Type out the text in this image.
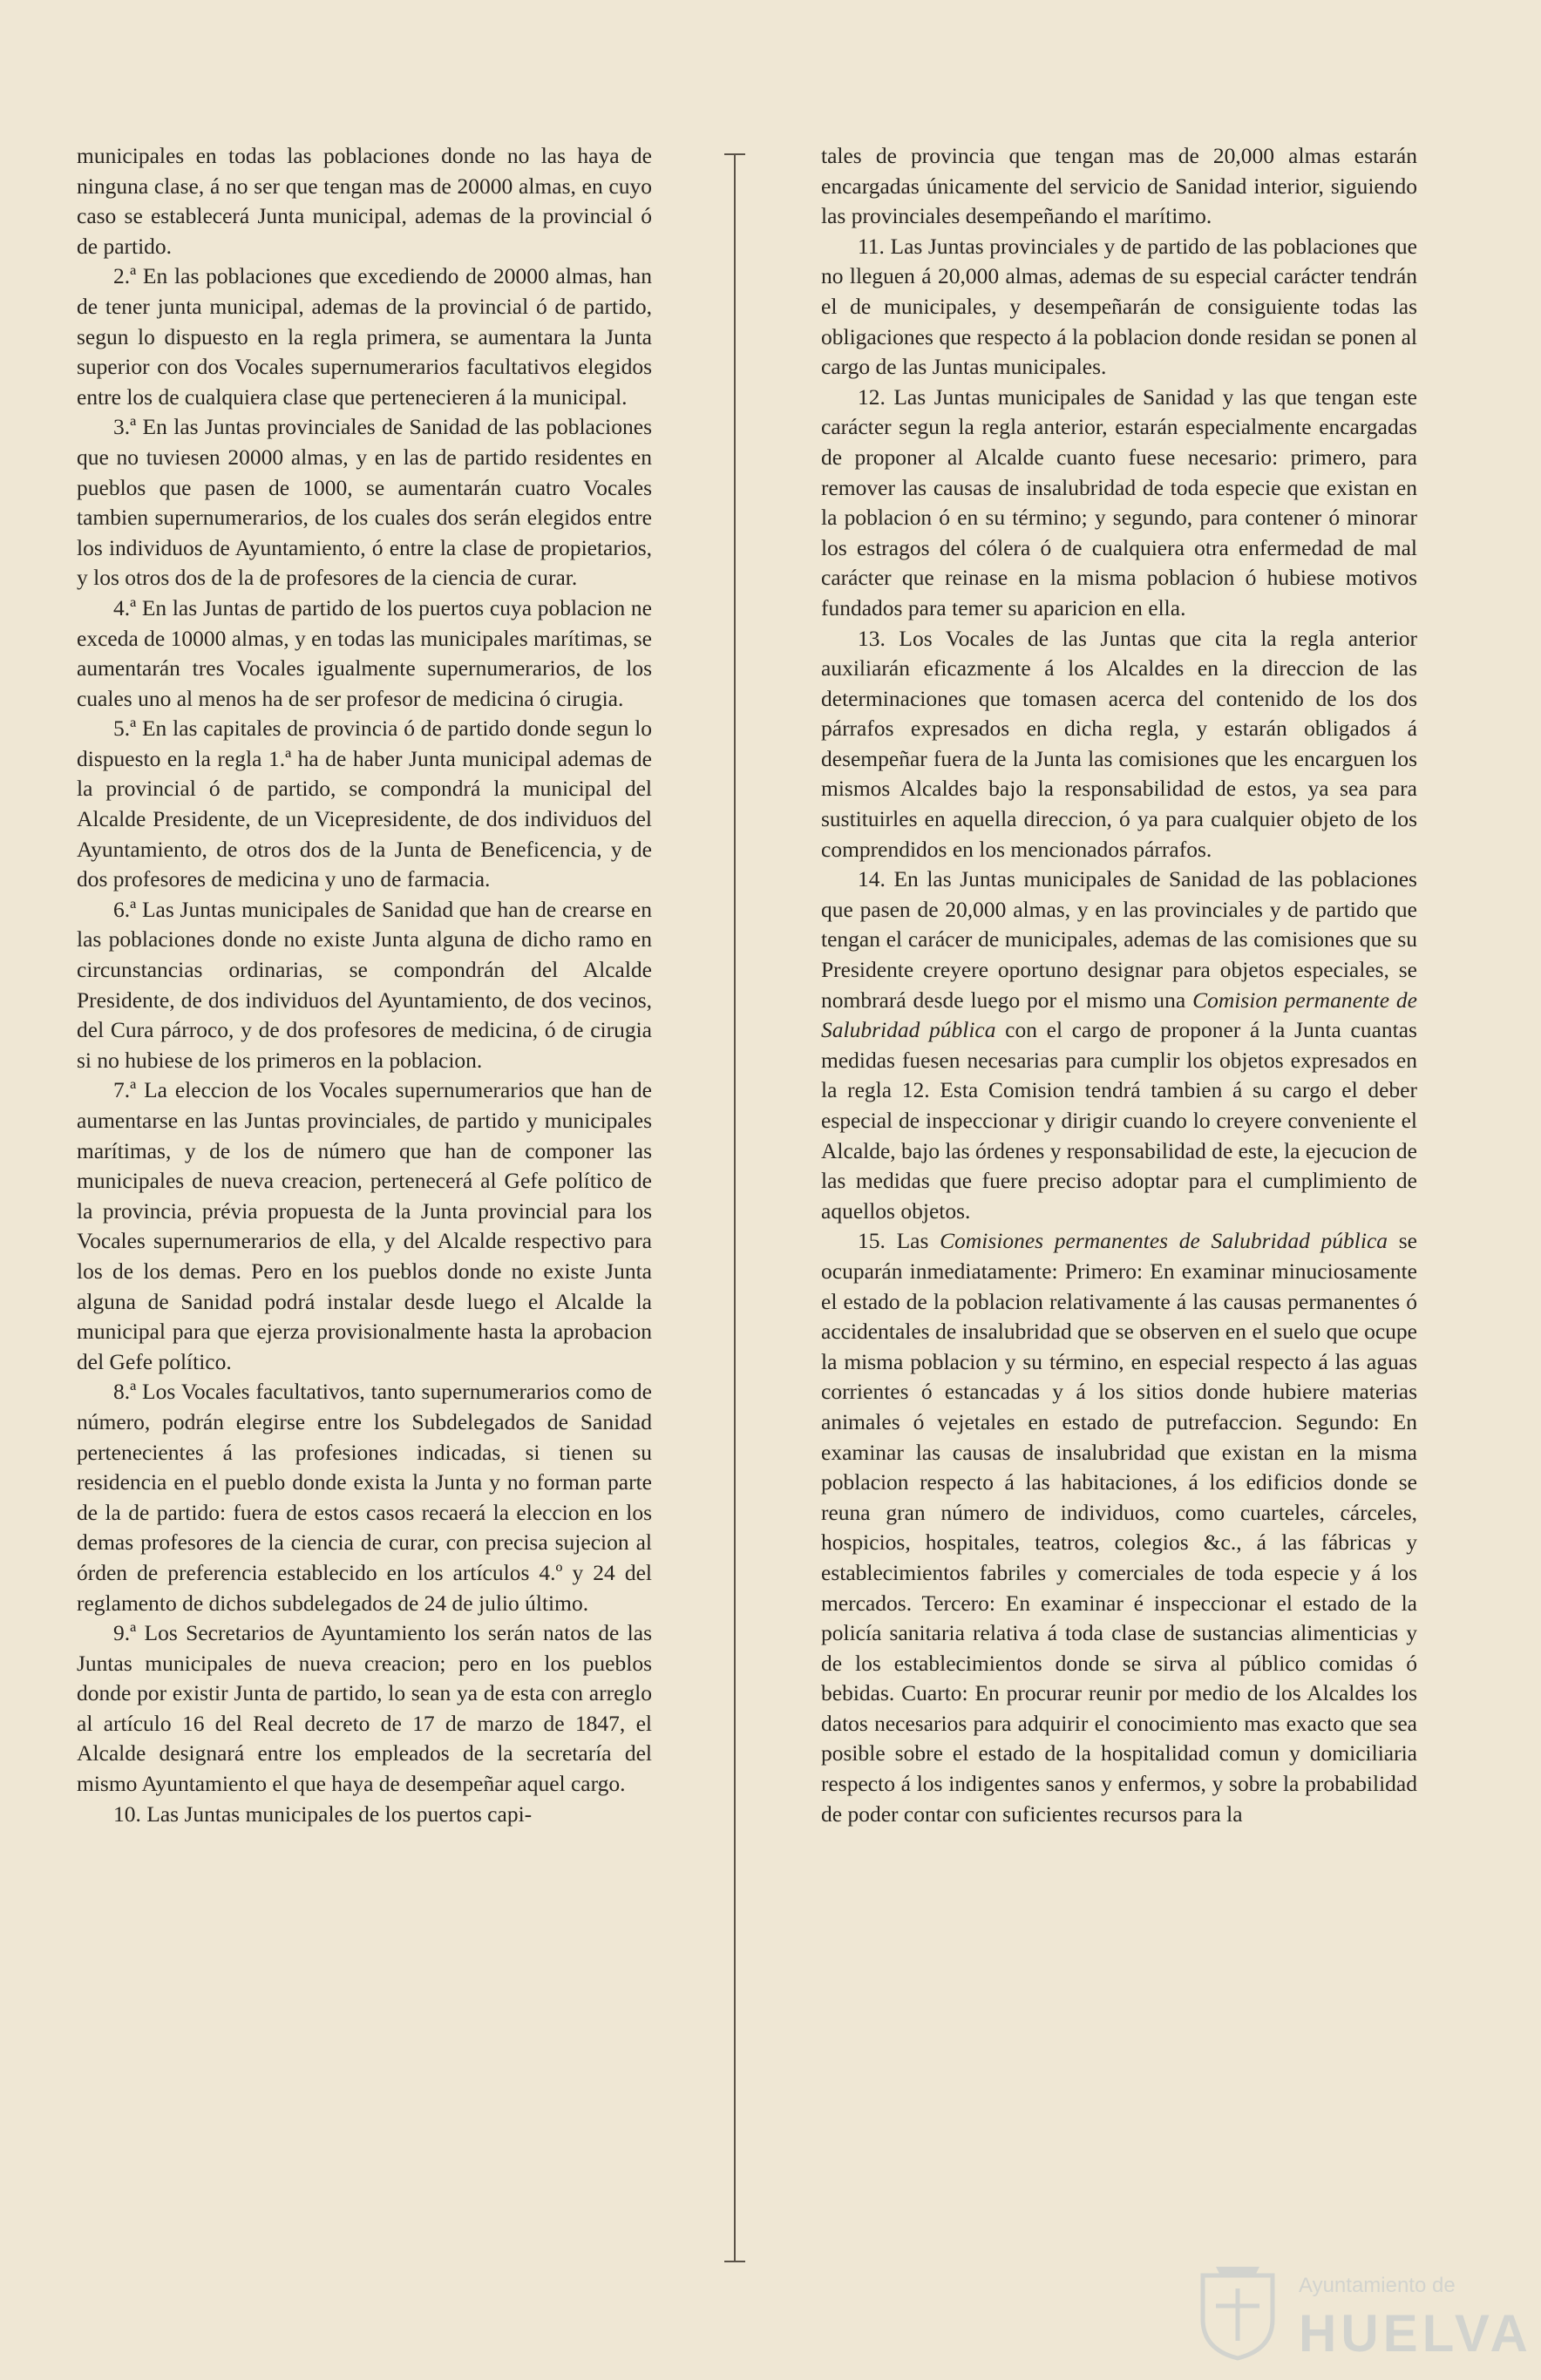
municipales en todas las poblaciones donde no las haya de ninguna clase, á no ser que tengan mas de 20000 almas, en cuyo caso se establecerá Junta municipal, ademas de la provincial ó de partido.

2.ª En las poblaciones que excediendo de 20000 almas, han de tener junta municipal, ademas de la provincial ó de partido, segun lo dispuesto en la regla primera, se aumentara la Junta superior con dos Vocales supernumerarios facultativos elegidos entre los de cualquiera clase que pertenecieren á la municipal.

3.ª En las Juntas provinciales de Sanidad de las poblaciones que no tuviesen 20000 almas, y en las de partido residentes en pueblos que pasen de 1000, se aumentarán cuatro Vocales tambien supernumerarios, de los cuales dos serán elegidos entre los individuos de Ayuntamiento, ó entre la clase de propietarios, y los otros dos de la de profesores de la ciencia de curar.

4.ª En las Juntas de partido de los puertos cuya poblacion ne exceda de 10000 almas, y en todas las municipales marítimas, se aumentarán tres Vocales igualmente supernumerarios, de los cuales uno al menos ha de ser profesor de medicina ó cirugia.

5.ª En las capitales de provincia ó de partido donde segun lo dispuesto en la regla 1.ª ha de haber Junta municipal ademas de la provincial ó de partido, se compondrá la municipal del Alcalde Presidente, de un Vicepresidente, de dos individuos del Ayuntamiento, de otros dos de la Junta de Beneficencia, y de dos profesores de medicina y uno de farmacia.

6.ª Las Juntas municipales de Sanidad que han de crearse en las poblaciones donde no existe Junta alguna de dicho ramo en circunstancias ordinarias, se compondrán del Alcalde Presidente, de dos individuos del Ayuntamiento, de dos vecinos, del Cura párroco, y de dos profesores de medicina, ó de cirugia si no hubiese de los primeros en la poblacion.

7.ª La eleccion de los Vocales supernumerarios que han de aumentarse en las Juntas provinciales, de partido y municipales marítimas, y de los de número que han de componer las municipales de nueva creacion, pertenecerá al Gefe político de la provincia, prévia propuesta de la Junta provincial para los Vocales supernumerarios de ella, y del Alcalde respectivo para los de los demas. Pero en los pueblos donde no existe Junta alguna de Sanidad podrá instalar desde luego el Alcalde la municipal para que ejerza provisionalmente hasta la aprobacion del Gefe político.

8.ª Los Vocales facultativos, tanto supernumerarios como de número, podrán elegirse entre los Subdelegados de Sanidad pertenecientes á las profesiones indicadas, si tienen su residencia en el pueblo donde exista la Junta y no forman parte de la de partido: fuera de estos casos recaerá la eleccion en los demas profesores de la ciencia de curar, con precisa sujecion al órden de preferencia establecido en los artículos 4.º y 24 del reglamento de dichos subdelegados de 24 de julio último.

9.ª Los Secretarios de Ayuntamiento los serán natos de las Juntas municipales de nueva creacion; pero en los pueblos donde por existir Junta de partido, lo sean ya de esta con arreglo al artículo 16 del Real decreto de 17 de marzo de 1847, el Alcalde designará entre los empleados de la secretaría del mismo Ayuntamiento el que haya de desempeñar aquel cargo.

10. Las Juntas municipales de los puertos capi-

tales de provincia que tengan mas de 20,000 almas estarán encargadas únicamente del servicio de Sanidad interior, siguiendo las provinciales desempeñando el marítimo.

11. Las Juntas provinciales y de partido de las poblaciones que no lleguen á 20,000 almas, ademas de su especial carácter tendrán el de municipales, y desempeñarán de consiguiente todas las obligaciones que respecto á la poblacion donde residan se ponen al cargo de las Juntas municipales.

12. Las Juntas municipales de Sanidad y las que tengan este carácter segun la regla anterior, estarán especialmente encargadas de proponer al Alcalde cuanto fuese necesario: primero, para remover las causas de insalubridad de toda especie que existan en la poblacion ó en su término; y segundo, para contener ó minorar los estragos del cólera ó de cualquiera otra enfermedad de mal carácter que reinase en la misma poblacion ó hubiese motivos fundados para temer su aparicion en ella.

13. Los Vocales de las Juntas que cita la regla anterior auxiliarán eficazmente á los Alcaldes en la direccion de las determinaciones que tomasen acerca del contenido de los dos párrafos expresados en dicha regla, y estarán obligados á desempeñar fuera de la Junta las comisiones que les encarguen los mismos Alcaldes bajo la responsabilidad de estos, ya sea para sustituirles en aquella direccion, ó ya para cualquier objeto de los comprendidos en los mencionados párrafos.

14. En las Juntas municipales de Sanidad de las poblaciones que pasen de 20,000 almas, y en las provinciales y de partido que tengan el carácer de municipales, ademas de las comisiones que su Presidente creyere oportuno designar para objetos especiales, se nombrará desde luego por el mismo una Comision permanente de Salubridad pública con el cargo de proponer á la Junta cuantas medidas fuesen necesarias para cumplir los objetos expresados en la regla 12. Esta Comision tendrá tambien á su cargo el deber especial de inspeccionar y dirigir cuando lo creyere conveniente el Alcalde, bajo las órdenes y responsabilidad de este, la ejecucion de las medidas que fuere preciso adoptar para el cumplimiento de aquellos objetos.

15. Las Comisiones permanentes de Salubridad pública se ocuparán inmediatamente: Primero: En examinar minuciosamente el estado de la poblacion relativamente á las causas permanentes ó accidentales de insalubridad que se observen en el suelo que ocupe la misma poblacion y su término, en especial respecto á las aguas corrientes ó estancadas y á los sitios donde hubiere materias animales ó vejetales en estado de putrefaccion. Segundo: En examinar las causas de insalubridad que existan en la misma poblacion respecto á las habitaciones, á los edificios donde se reuna gran número de individuos, como cuarteles, cárceles, hospicios, hospitales, teatros, colegios &c., á las fábricas y establecimientos fabriles y comerciales de toda especie y á los mercados. Tercero: En examinar é inspeccionar el estado de la policía sanitaria relativa á toda clase de sustancias alimenticias y de los establecimientos donde se sirva al público comidas ó bebidas. Cuarto: En procurar reunir por medio de los Alcaldes los datos necesarios para adquirir el conocimiento mas exacto que sea posible sobre el estado de la hospitalidad comun y domiciliaria respecto á los indigentes sanos y enfermos, y sobre la probabilidad de poder contar con suficientes recursos para la

Ayuntamiento de
HUELVA
